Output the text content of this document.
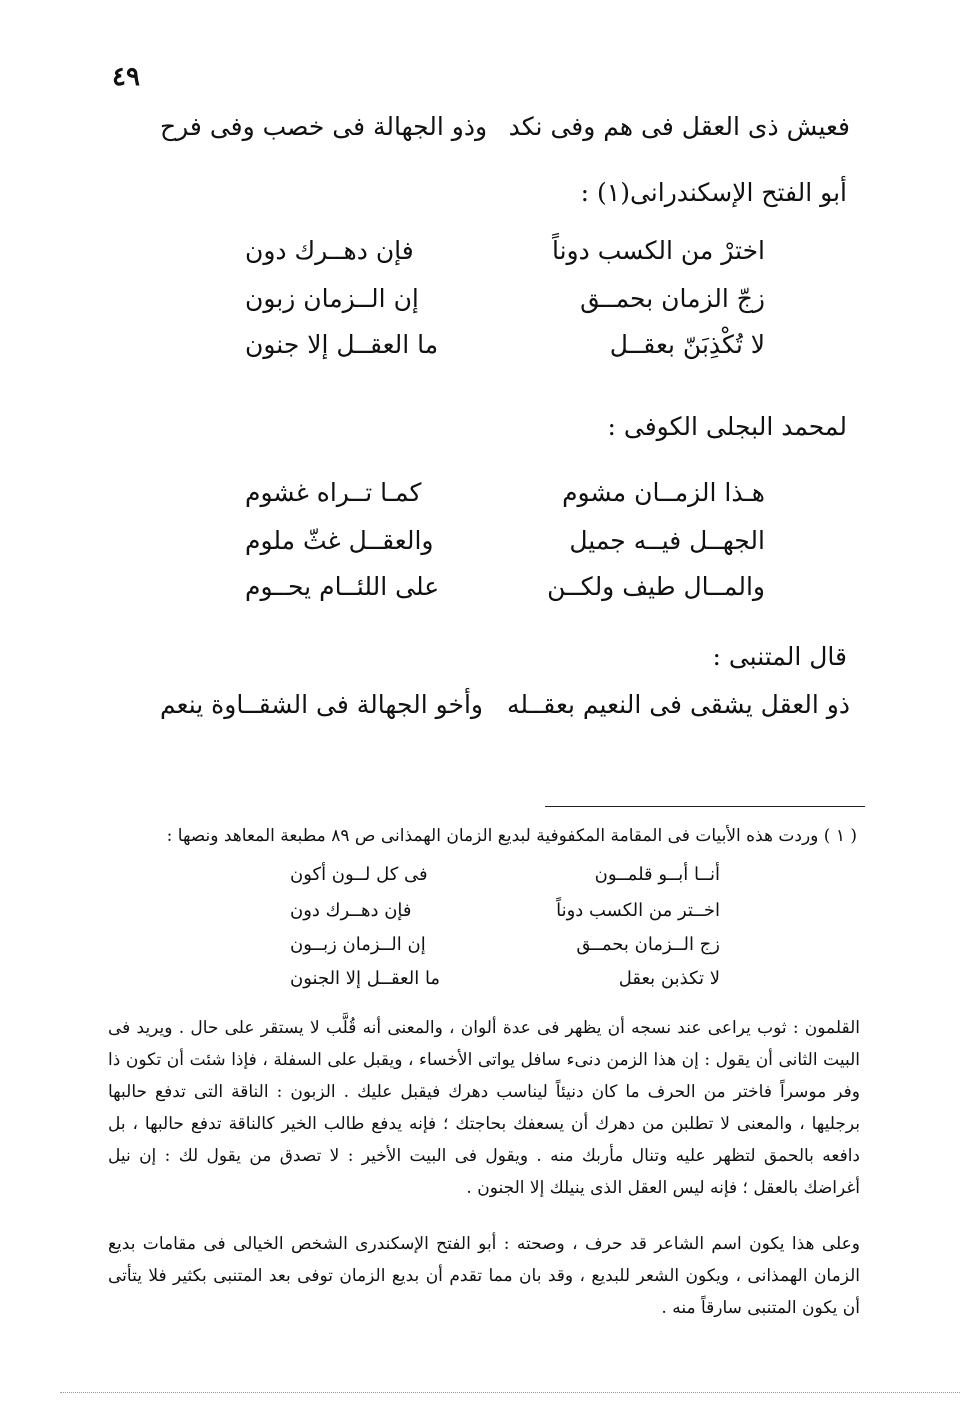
٤٩
فعيش ذى العقل فى هم وفى نكد
وذو الجهالة فى خصب وفى فرح
أبو الفتح الإسكندرانى(١) :
اخترْ من الكسب دوناً
فإن دهــرك دون
زجّ الزمان بحمــق
إن الــزمان زبون
لا تُكْذِبَنّ بعقــل
ما العقــل إلا جنون
لمحمد البجلى الكوفى :
هـذا الزمــان مشوم
كمـا تــراه غشوم
الجهــل فيــه جميل
والعقــل غثّ ملوم
والمــال طيف ولكــن
على اللئــام يحــوم
قال المتنبى :
ذو العقل يشقى فى النعيم بعقــله
وأخو الجهالة فى الشقــاوة ينعم
( ١ ) وردت هذه الأبيات فى المقامة المكفوفية لبديع الزمان الهمذانى ص ٨٩ مطبعة المعاهد ونصها :
أنــا أبــو قلمــون
فى كل لــون أكون
اخــتر من الكسب دوناً
فإن دهــرك دون
زج الــزمان بحمــق
إن الــزمان زبــون
لا تكذبن بعقل
ما العقــل إلا الجنون
القلمون : ثوب يراعى عند نسجه أن يظهر فى عدة ألوان ، والمعنى أنه قُلَّب لا يستقر على حال . ويريد فى البيت الثانى أن يقول : إن هذا الزمن دنىء سافل يواتى الأخساء ، ويقبل على السفلة ، فإذا شئت أن تكون ذا وفر موسراً فاختر من الحرف ما كان دنيئاً ليناسب دهرك فيقبل عليك . الزبون : الناقة التى تدفع حالبها برجليها ، والمعنى لا تطلبن من دهرك أن يسعفك بحاجتك ؛ فإنه يدفع طالب الخير كالناقة تدفع حالبها ، بل دافعه بالحمق لتظهر عليه وتنال مأربك منه . ويقول فى البيت الأخير : لا تصدق من يقول لك : إن نيل أغراضك بالعقل ؛ فإنه ليس العقل الذى ينيلك إلا الجنون .
وعلى هذا يكون اسم الشاعر قد حرف ، وصحته : أبو الفتح الإسكندرى الشخص الخيالى فى مقامات بديع الزمان الهمذانى ، ويكون الشعر للبديع ، وقد بان مما تقدم أن بديع الزمان توفى بعد المتنبى بكثير فلا يتأتى أن يكون المتنبى سارقاً منه .
